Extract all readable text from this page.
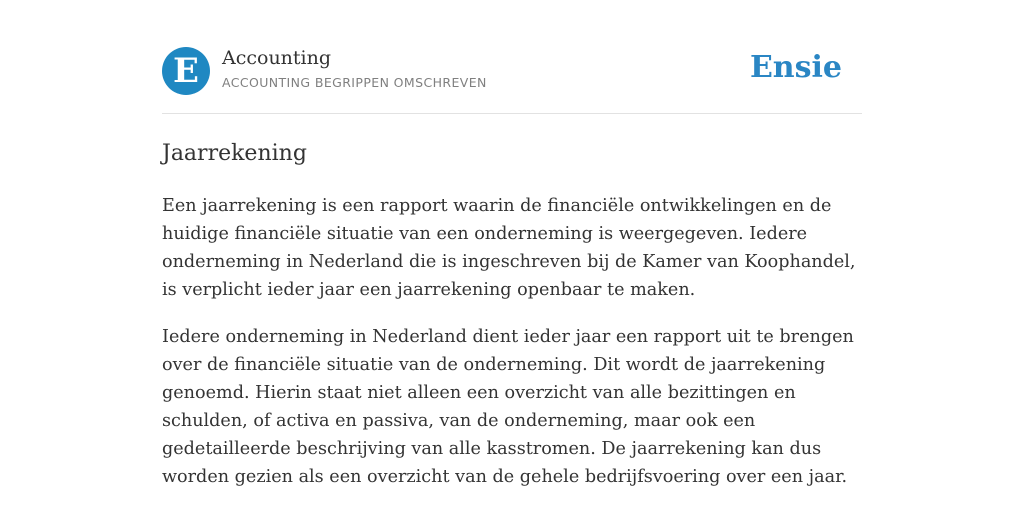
E	Accounting
ACCOUNTING BEGRIPPEN OMSCHREVEN	Ensie
Jaarrekening

Een jaarrekening is een rapport waarin de financiële ontwikkelingen en de huidige financiële situatie van een onderneming is weergegeven. Iedere onderneming in Nederland die is ingeschreven bij de Kamer van Koophandel, is verplicht ieder jaar een jaarrekening openbaar te maken.

Iedere onderneming in Nederland dient ieder jaar een rapport uit te brengen over de financiële situatie van de onderneming. Dit wordt de jaarrekening genoemd. Hierin staat niet alleen een overzicht van alle bezittingen en schulden, of activa en passiva, van de onderneming, maar ook een gedetailleerde beschrijving van alle kasstromen. De jaarrekening kan dus worden gezien als een overzicht van de gehele bedrijfsvoering over een jaar.
